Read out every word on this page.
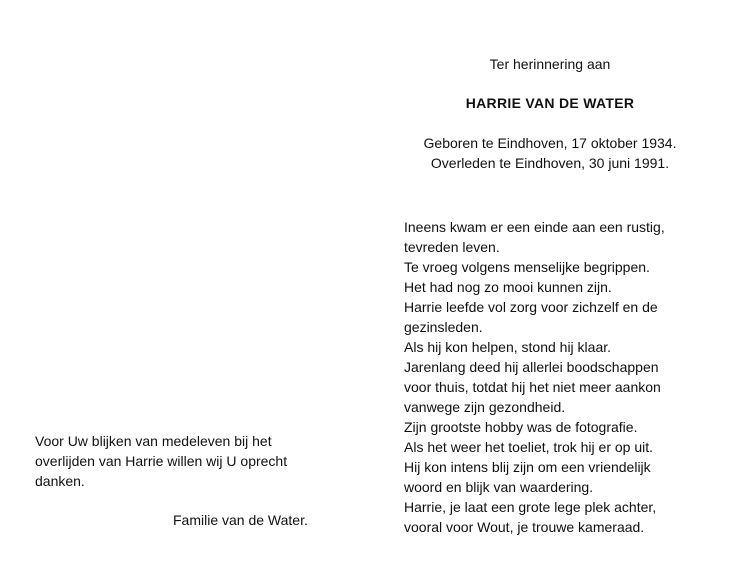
Ter herinnering aan
HARRIE VAN DE WATER
Geboren te Eindhoven, 17 oktober 1934.
Overleden te Eindhoven, 30 juni 1991.
Ineens kwam er een einde aan een rustig,
tevreden leven.
Te vroeg volgens menselijke begrippen.
Het had nog zo mooi kunnen zijn.
Harrie leefde vol zorg voor zichzelf en de
gezinsleden.
Als hij kon helpen, stond hij klaar.
Jarenlang deed hij allerlei boodschappen
voor thuis, totdat hij het niet meer aankon
vanwege zijn gezondheid.
Zijn grootste hobby was de fotografie.
Als het weer het toeliet, trok hij er op uit.
Hij kon intens blij zijn om een vriendelijk
woord en blijk van waardering.
Harrie, je laat een grote lege plek achter,
vooral voor Wout, je trouwe kameraad.
Voor Uw blijken van medeleven bij het
overlijden van Harrie willen wij U oprecht
danken.
Familie van de Water.
